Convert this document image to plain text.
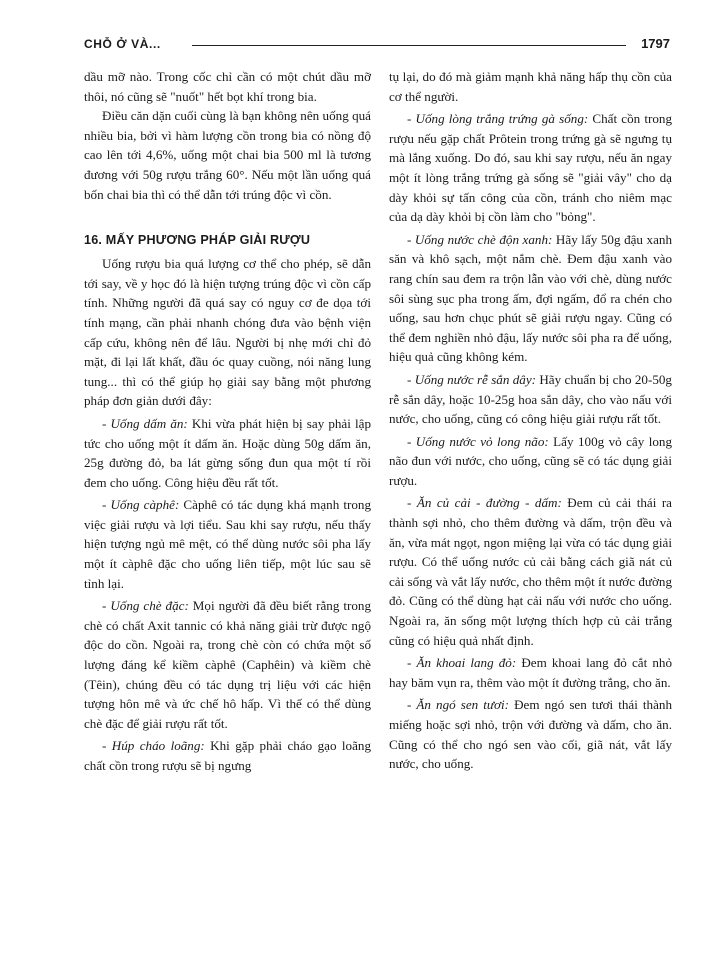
CHỖ Ở VÀ...	1797

dầu mỡ nào. Trong cốc chỉ cần có một chút dầu mỡ thôi, nó cũng sẽ "nuốt" hết bọt khí trong bia.

Điều căn dặn cuối cùng là bạn không nên uống quá nhiều bia, bởi vì hàm lượng cồn trong bia có nồng độ cao lên tới 4,6%, uống một chai bia 500 ml là tương đương với 50g rượu trắng 60°. Nếu một lần uống quá bốn chai bia thì có thể dẫn tới trúng độc vì cồn.

16. MẤY PHƯƠNG PHÁP GIẢI RƯỢU

Uống rượu bia quá lượng cơ thể cho phép, sẽ dẫn tới say, về y học đó là hiện tượng trúng độc vì cồn cấp tính. Những người đã quá say có nguy cơ đe dọa tới tính mạng, cần phải nhanh chóng đưa vào bệnh viện cấp cứu, không nên để lâu. Người bị nhẹ mới chỉ đỏ mặt, đi lại lất khất, đầu óc quay cuồng, nói năng lung tung... thì có thể giúp họ giải say bằng một phương pháp đơn giản dưới đây:

- Uống dấm ăn: Khi vừa phát hiện bị say phải lập tức cho uống một ít dấm ăn. Hoặc dùng 50g dấm ăn, 25g đường đỏ, ba lát gừng sống đun qua một tí rồi đem cho uống. Công hiệu đều rất tốt.

- Uống càphê: Càphê có tác dụng khá mạnh trong việc giải rượu và lợi tiểu. Sau khi say rượu, nếu thấy hiện tượng ngủ mê mệt, có thể dùng nước sôi pha lấy một ít càphê đặc cho uống liên tiếp, một lúc sau sẽ tỉnh lại.

- Uống chè đặc: Mọi người đã đều biết rằng trong chè có chất Axit tannic có khả năng giải trừ được ngộ độc do cồn. Ngoài ra, trong chè còn có chứa một số lượng đáng kể kiềm càphê (Caphêin) và kiềm chè (Têin), chúng đều có tác dụng trị liệu với các hiện tượng hôn mê và ức chế hô hấp. Vì thế có thể dùng chè đặc để giải rượu rất tốt.

- Húp cháo loãng: Khi gặp phải cháo gạo loãng chất cồn trong rượu sẽ bị ngưng

tụ lại, do đó mà giảm mạnh khả năng hấp thụ cồn của cơ thể người.

- Uống lòng trắng trứng gà sống: Chất cồn trong rượu nếu gặp chất Prôtein trong trứng gà sẽ ngưng tụ mà lắng xuống. Do đó, sau khi say rượu, nếu ăn ngay một ít lòng trắng trứng gà sống sẽ "giải vây" cho dạ dày khỏi sự tấn công của cồn, tránh cho niêm mạc của dạ dày khỏi bị cồn làm cho "bỏng".

- Uống nước chè độn xanh: Hãy lấy 50g đậu xanh săn và khô sạch, một nắm chè. Đem đậu xanh vào rang chín sau đem ra trộn lẫn vào với chè, dùng nước sôi sùng sục pha trong ấm, đợi ngấm, đổ ra chén cho uống, sau hơn chục phút sẽ giải rượu ngay. Cũng có thể đem nghiền nhỏ đậu, lấy nước sôi pha ra để uống, hiệu quả cũng không kém.

- Uống nước rễ sắn dây: Hãy chuẩn bị cho 20-50g rễ sắn dây, hoặc 10-25g hoa sắn dây, cho vào nấu với nước, cho uống, cũng có công hiệu giải rượu rất tốt.

- Uống nước vỏ long não: Lấy 100g vỏ cây long não đun với nước, cho uống, cũng sẽ có tác dụng giải rượu.

- Ăn củ cải - đường - dấm: Đem củ cải thái ra thành sợi nhỏ, cho thêm đường và dấm, trộn đều và ăn, vừa mát ngọt, ngon miệng lại vừa có tác dụng giải rượu. Có thể uống nước củ cải bằng cách giã nát củ cải sống và vắt lấy nước, cho thêm một ít nước đường đỏ. Cũng có thể dùng hạt cải nấu với nước cho uống. Ngoài ra, ăn sống một lượng thích hợp củ cải trắng cũng có hiệu quả nhất định.

- Ăn khoai lang đỏ: Đem khoai lang đỏ cắt nhỏ hay băm vụn ra, thêm vào một ít đường trắng, cho ăn.

- Ăn ngó sen tươi: Đem ngó sen tươi thái thành miếng hoặc sợi nhỏ, trộn với đường và dấm, cho ăn. Cũng có thể cho ngó sen vào cối, giã nát, vắt lấy nước, cho uống.
